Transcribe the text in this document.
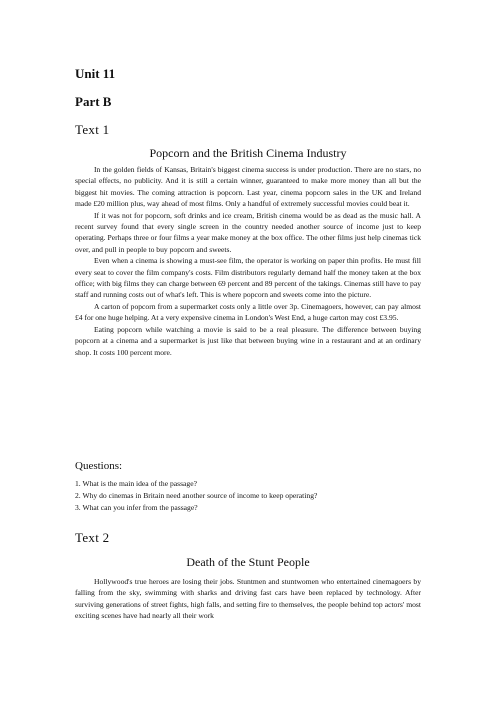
Unit 11
Part B
Text 1
Popcorn and the British Cinema Industry

In the golden fields of Kansas, Britain's biggest cinema success is under production. There are no stars, no special effects, no publicity. And it is still a certain winner, guaranteed to make more money than all but the biggest hit movies. The coming attraction is popcorn. Last year, cinema popcorn sales in the UK and Ireland made £20 million plus, way ahead of most films. Only a handful of extremely successful movies could beat it.

If it was not for popcorn, soft drinks and ice cream, British cinema would be as dead as the music hall. A recent survey found that every single screen in the country needed another source of income just to keep operating. Perhaps three or four films a year make money at the box office. The other films just help cinemas tick over, and pull in people to buy popcorn and sweets.

Even when a cinema is showing a must-see film, the operator is working on paper thin profits. He must fill every seat to cover the film company's costs. Film distributors regularly demand half the money taken at the box office; with big films they can charge between 69 percent and 89 percent of the takings. Cinemas still have to pay staff and running costs out of what's left. This is where popcorn and sweets come into the picture.

A carton of popcorn from a supermarket costs only a little over 3p. Cinemagoers, however, can pay almost £4 for one huge helping. At a very expensive cinema in London's West End, a huge carton may cost £3.95.

Eating popcorn while watching a movie is said to be a real pleasure. The difference between buying popcorn at a cinema and a supermarket is just like that between buying wine in a restaurant and at an ordinary shop. It costs 100 percent more.

Questions:
1. What is the main idea of the passage?
2. Why do cinemas in Britain need another source of income to keep operating?
3. What can you infer from the passage?
Text 2
Death of the Stunt People

Hollywood's true heroes are losing their jobs. Stuntmen and stuntwomen who entertained cinemagoers by falling from the sky, swimming with sharks and driving fast cars have been replaced by technology. After surviving generations of street fights, high falls, and setting fire to themselves, the people behind top actors' most exciting scenes have had nearly all their work
